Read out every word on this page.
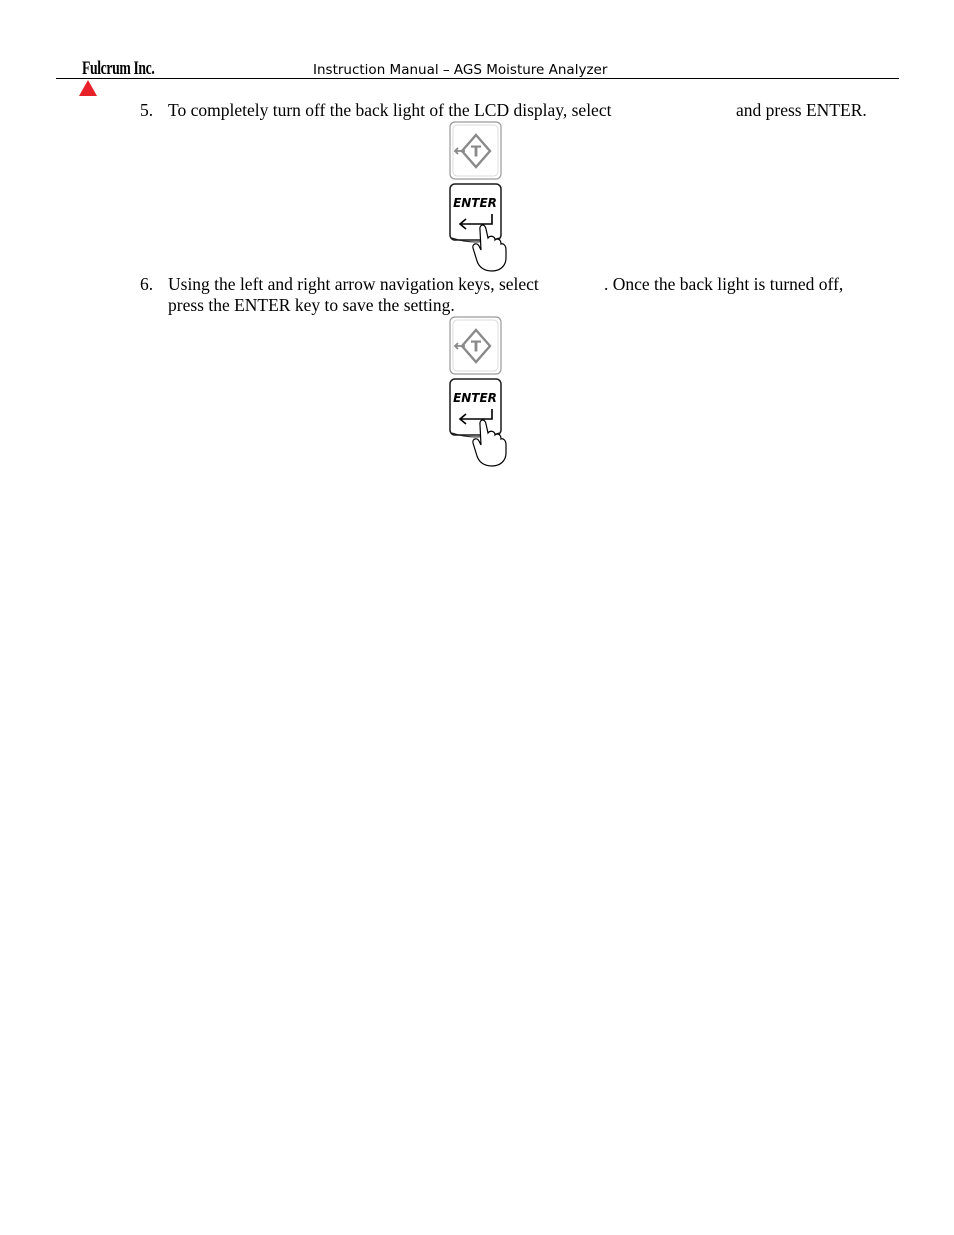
Fulcrum Inc.	Instruction Manual – AGS Moisture Analyzer
5. To completely turn off the back light of the LCD display, select	and press ENTER.
T
ENTER
6. Using the left and right arrow navigation keys, select	. Once the back light is turned off,
press the ENTER key to save the setting.
T
ENTER
